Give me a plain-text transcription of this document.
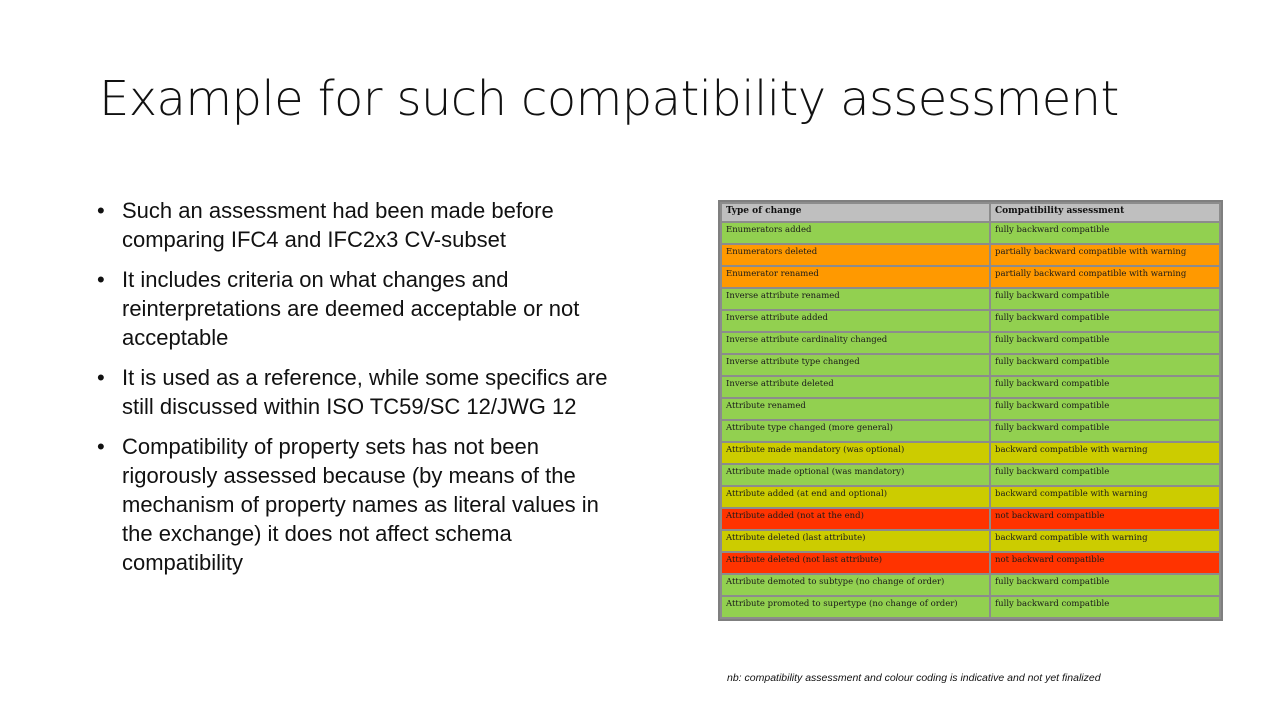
Example for such compatibility assessment
• Such an assessment had been made before comparing IFC4 and IFC2x3 CV-subset
• It includes criteria on what changes and reinterpretations are deemed acceptable or not acceptable
• It is used as a reference, while some specifics are still discussed within ISO TC59/SC 12/JWG 12
• Compatibility of property sets has not been rigorously assessed because (by means of the mechanism of property names as literal values in the exchange) it does not affect schema compatibility
Type of change	Compatibility assessment
Enumerators added	fully backward compatible
Enumerators deleted	partially backward compatible with warning
Enumerator renamed	partially backward compatible with warning
Inverse attribute renamed	fully backward compatible
Inverse attribute added	fully backward compatible
Inverse attribute cardinality changed	fully backward compatible
Inverse attribute type changed	fully backward compatible
Inverse attribute deleted	fully backward compatible
Attribute renamed	fully backward compatible
Attribute type changed (more general)	fully backward compatible
Attribute made mandatory (was optional)	backward compatible with warning
Attribute made optional (was mandatory)	fully backward compatible
Attribute added (at end and optional)	backward compatible with warning
Attribute added (not at the end)	not backward compatible
Attribute deleted (last attribute)	backward compatible with warning
Attribute deleted (not last attribute)	not backward compatible
Attribute demoted to subtype (no change of order)	fully backward compatible
Attribute promoted to supertype (no change of order)	fully backward compatible
nb: compatibility assessment and colour coding is indicative and not yet finalized
